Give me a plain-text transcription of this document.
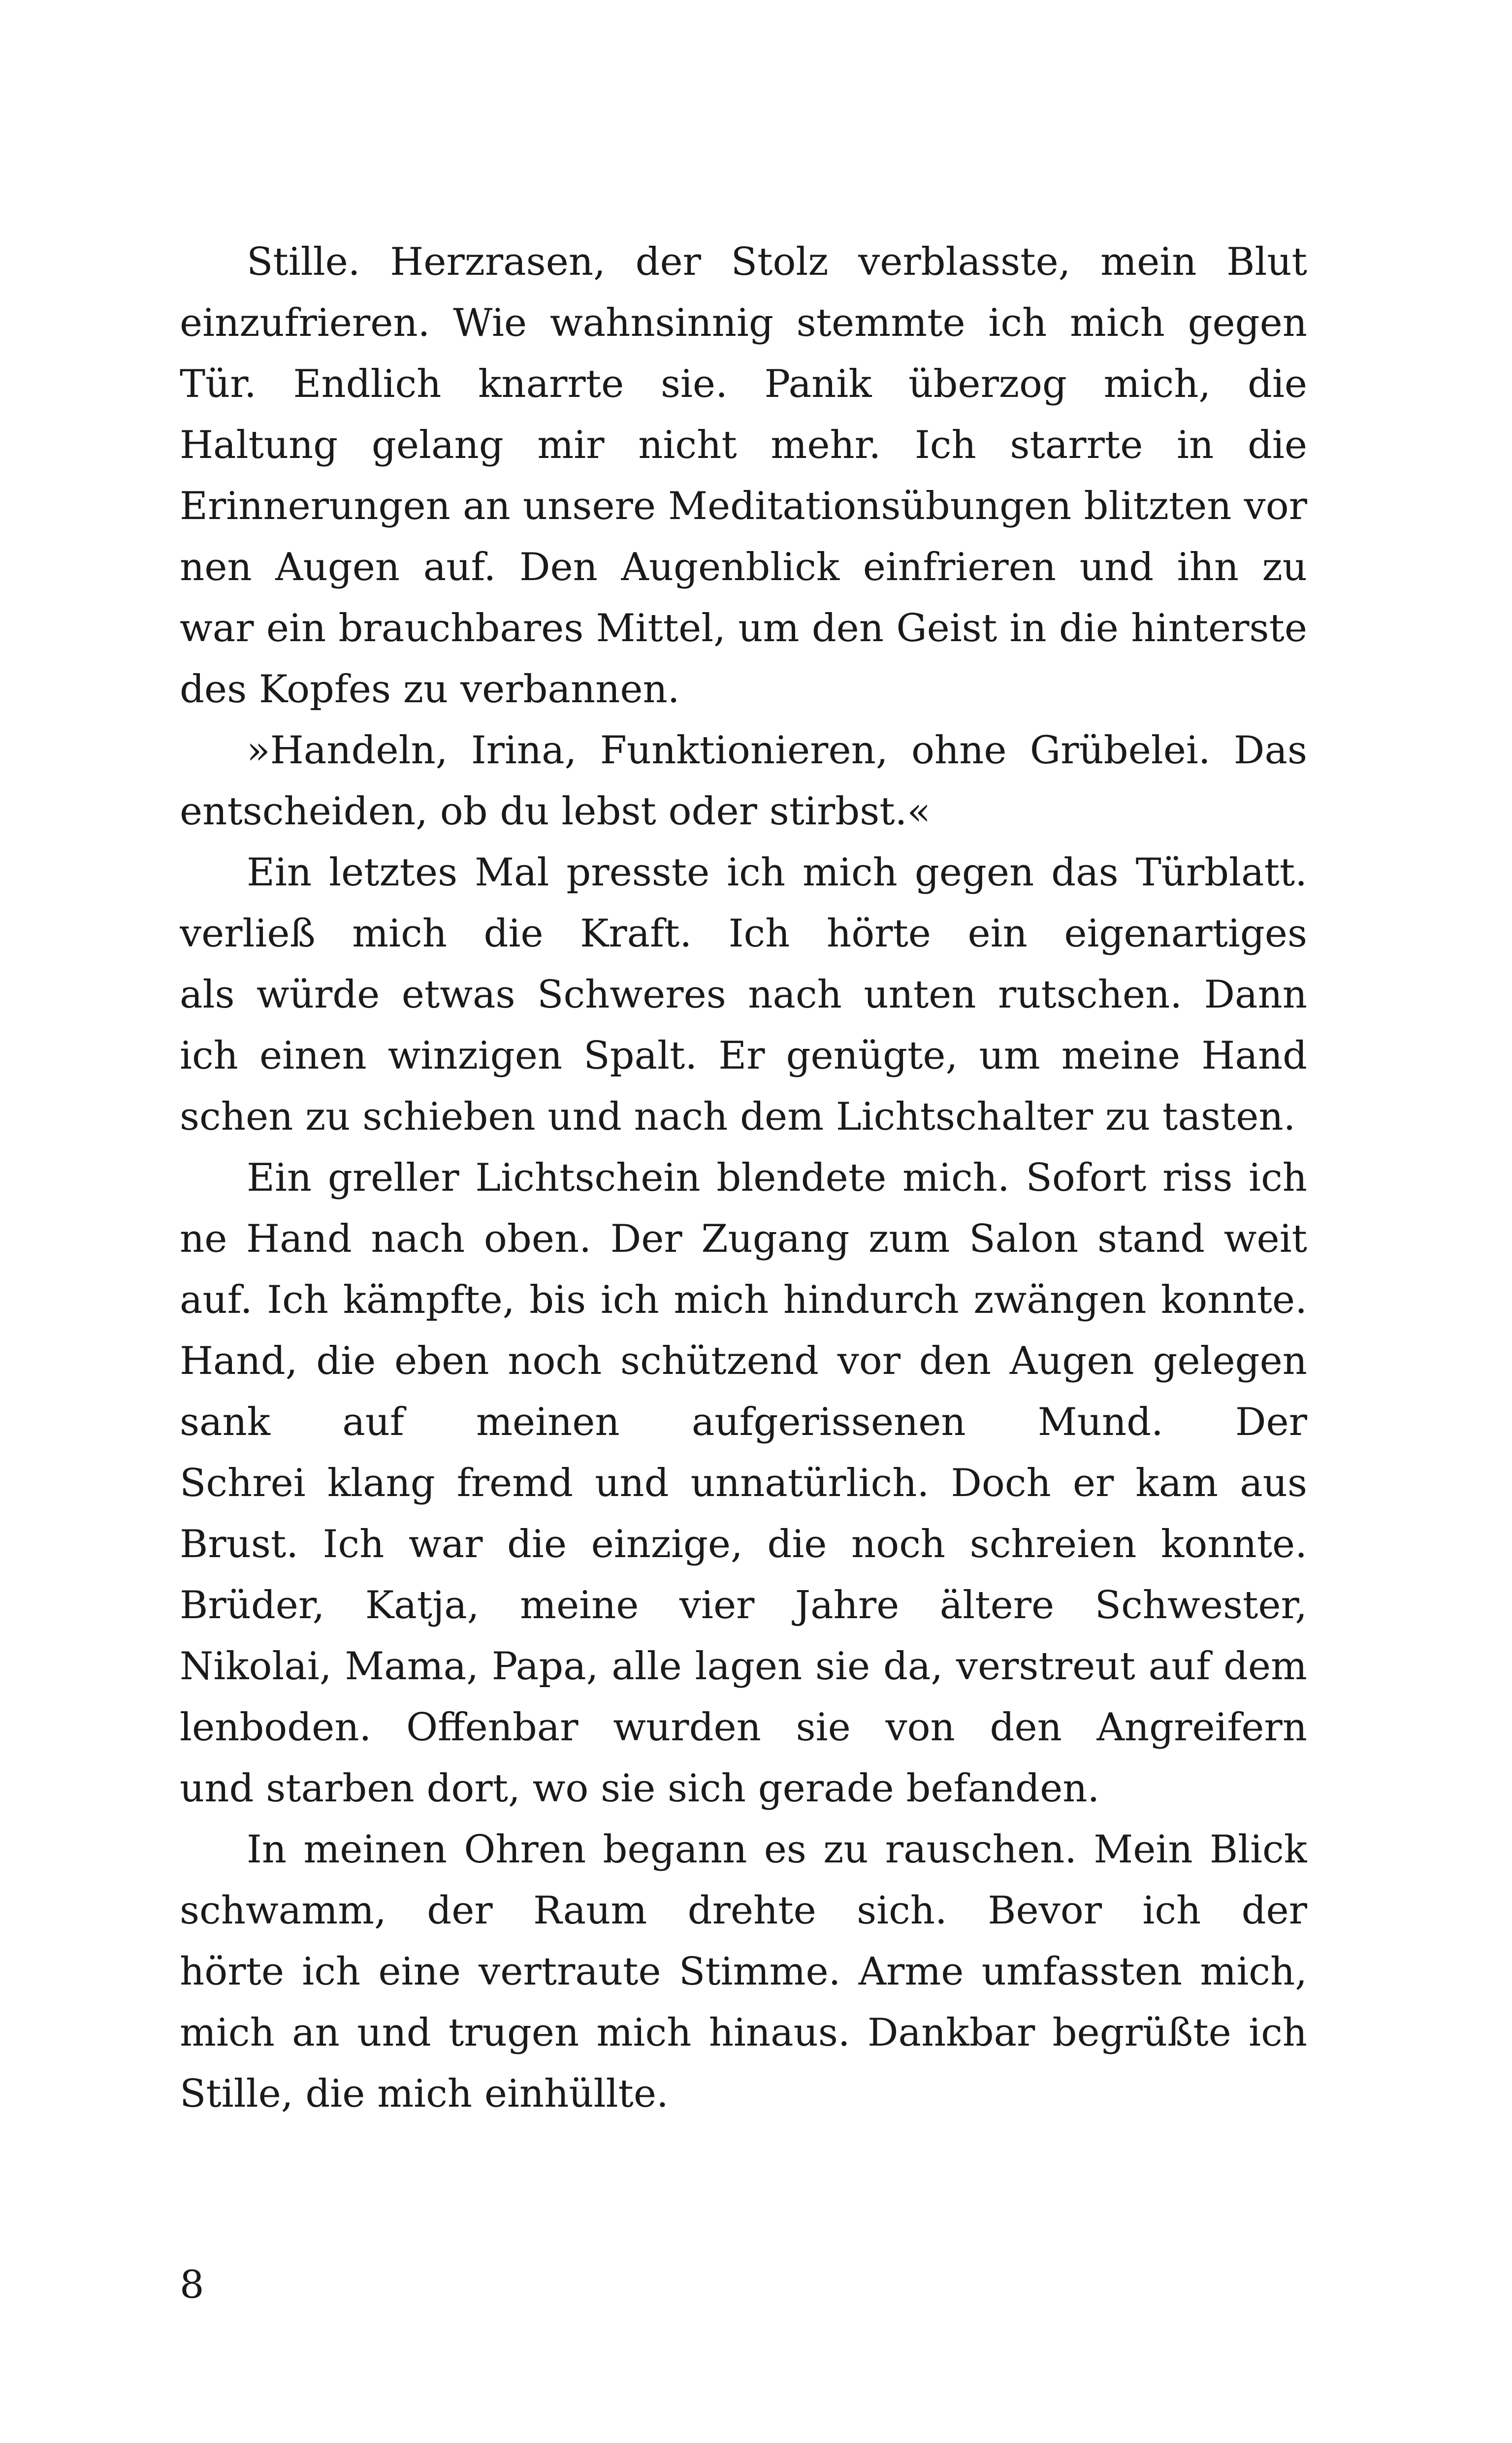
Stille. Herzrasen, der Stolz verblasste, mein Blut
einzufrieren. Wie wahnsinnig stemmte ich mich gegen
Tür. Endlich knarrte sie. Panik überzog mich, die
Haltung gelang mir nicht mehr. Ich starrte in die
Erinnerungen an unsere Meditationsübungen blitzten vor
nen Augen auf. Den Augenblick einfrieren und ihn zu
war ein brauchbares Mittel, um den Geist in die hinterste
des Kopfes zu verbannen.
»Handeln, Irina, Funktionieren, ohne Grübelei. Das
entscheiden, ob du lebst oder stirbst.«
Ein letztes Mal presste ich mich gegen das Türblatt.
verließ mich die Kraft. Ich hörte ein eigenartiges
als würde etwas Schweres nach unten rutschen. Dann
ich einen winzigen Spalt. Er genügte, um meine Hand
schen zu schieben und nach dem Lichtschalter zu tasten.
Ein greller Lichtschein blendete mich. Sofort riss ich
ne Hand nach oben. Der Zugang zum Salon stand weit
auf. Ich kämpfte, bis ich mich hindurch zwängen konnte.
Hand, die eben noch schützend vor den Augen gelegen
sank auf meinen aufgerissenen Mund. Der
Schrei klang fremd und unnatürlich. Doch er kam aus
Brust. Ich war die einzige, die noch schreien konnte.
Brüder, Katja, meine vier Jahre ältere Schwester,
Nikolai, Mama, Papa, alle lagen sie da, verstreut auf dem
lenboden. Offenbar wurden sie von den Angreifern
und starben dort, wo sie sich gerade befanden.
In meinen Ohren begann es zu rauschen. Mein Blick
schwamm, der Raum drehte sich. Bevor ich der
hörte ich eine vertraute Stimme. Arme umfassten mich,
mich an und trugen mich hinaus. Dankbar begrüßte ich
Stille, die mich einhüllte.
8
